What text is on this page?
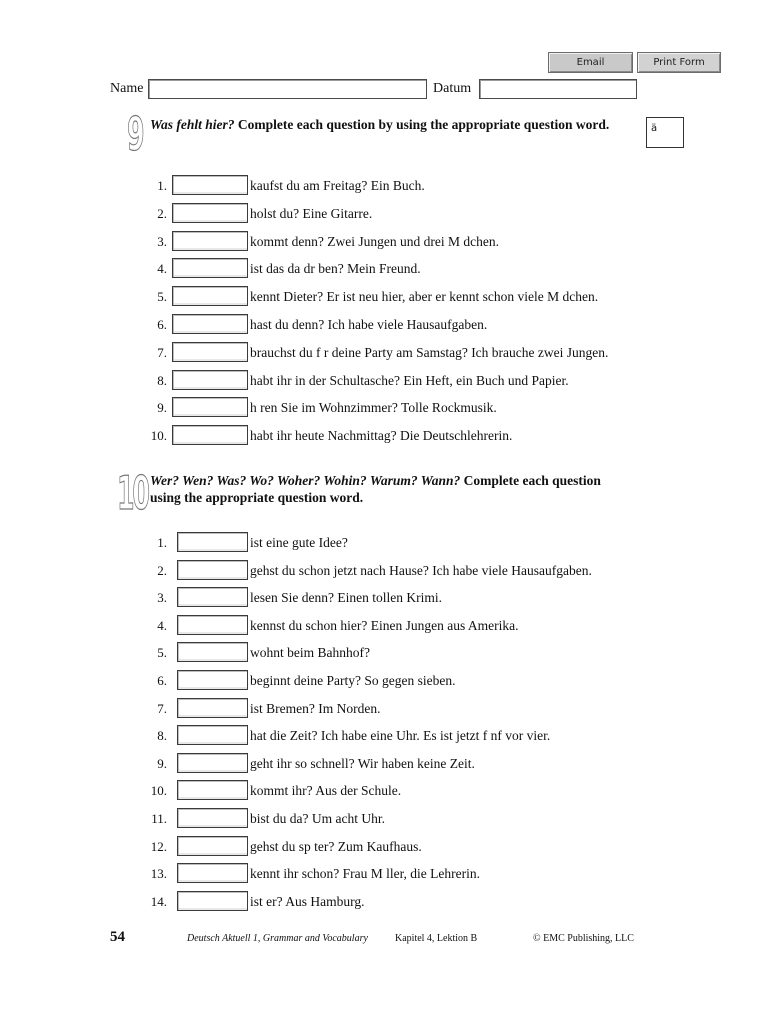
Email	Print Form
Name	Datum
9 Was fehlt hier? Complete each question by using the appropriate question word.	ä
1.	kaufst du am Freitag? Ein Buch.
2.	holst du? Eine Gitarre.
3.	kommt denn? Zwei Jungen und drei M dchen.
4.	ist das da dr ben? Mein Freund.
5.	kennt Dieter? Er ist neu hier, aber er kennt schon viele M dchen.
6.	hast du denn? Ich habe viele Hausaufgaben.
7.	brauchst du f r deine Party am Samstag? Ich brauche zwei Jungen.
8.	habt ihr in der Schultasche? Ein Heft, ein Buch und Papier.
9.	h ren Sie im Wohnzimmer? Tolle Rockmusik.
10.	habt ihr heute Nachmittag? Die Deutschlehrerin.
10 Wer? Wen? Was? Wo? Woher? Wohin? Warum? Wann? Complete each question using the appropriate question word.
1.	ist eine gute Idee?
2.	gehst du schon jetzt nach Hause? Ich habe viele Hausaufgaben.
3.	lesen Sie denn? Einen tollen Krimi.
4.	kennst du schon hier? Einen Jungen aus Amerika.
5.	wohnt beim Bahnhof?
6.	beginnt deine Party? So gegen sieben.
7.	ist Bremen? Im Norden.
8.	hat die Zeit? Ich habe eine Uhr. Es ist jetzt f nf vor vier.
9.	geht ihr so schnell? Wir haben keine Zeit.
10.	kommt ihr? Aus der Schule.
11.	bist du da? Um acht Uhr.
12.	gehst du sp ter? Zum Kaufhaus.
13.	kennt ihr schon? Frau M ller, die Lehrerin.
14.	ist er? Aus Hamburg.
54	Deutsch Aktuell 1, Grammar and Vocabulary	Kapitel 4, Lektion B	© EMC Publishing, LLC
